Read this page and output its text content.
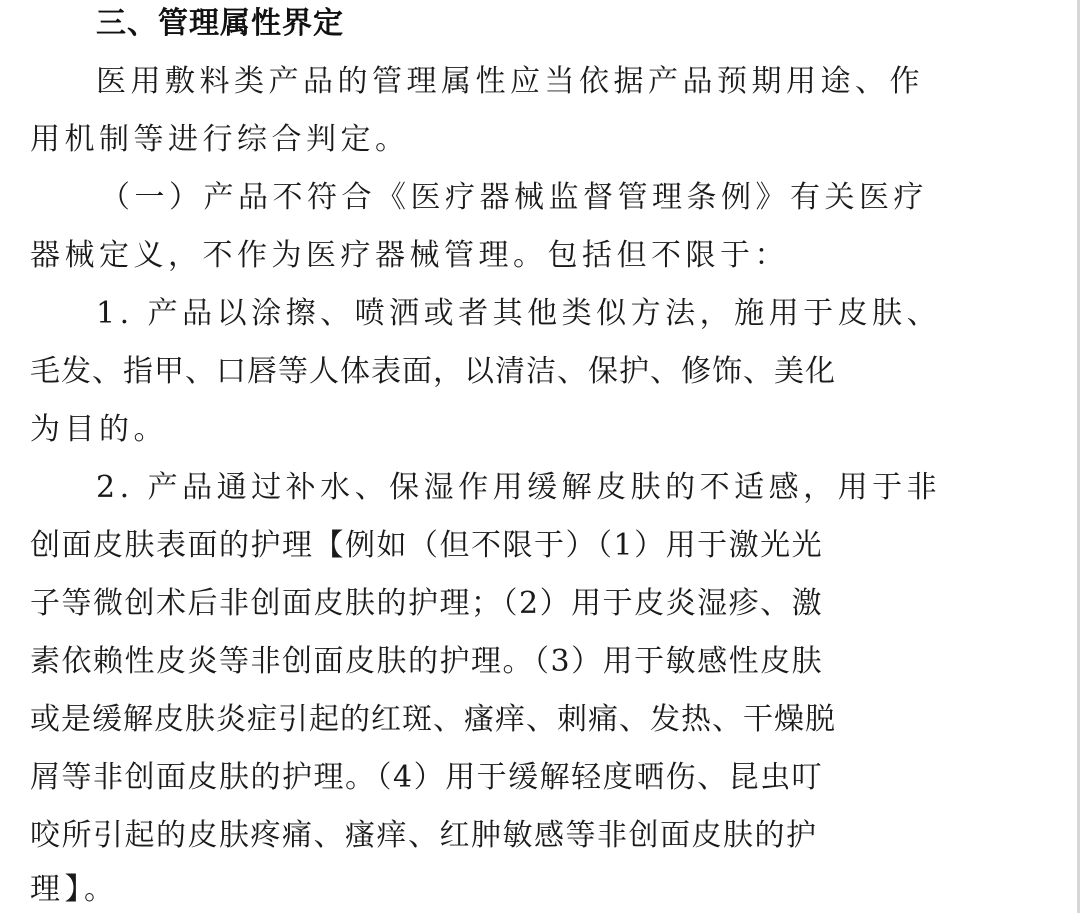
三、管理属性界定
医用敷料类产品的管理属性应当依据产品预期用途、作
用机制等进行综合判定。
（一）产品不符合《医疗器械监督管理条例》有关医疗
器械定义，不作为医疗器械管理。包括但不限于：
1. 产品以涂擦、喷洒或者其他类似方法，施用于皮肤、
毛发、指甲、口唇等人体表面，以清洁、保护、修饰、美化
为目的。
2. 产品通过补水、保湿作用缓解皮肤的不适感，用于非
创面皮肤表面的护理【例如（但不限于）（1）用于激光光
子等微创术后非创面皮肤的护理；（2）用于皮炎湿疹、激
素依赖性皮炎等非创面皮肤的护理。（3）用于敏感性皮肤
或是缓解皮肤炎症引起的红斑、瘙痒、刺痛、发热、干燥脱
屑等非创面皮肤的护理。（4）用于缓解轻度晒伤、昆虫叮
咬所引起的皮肤疼痛、瘙痒、红肿敏感等非创面皮肤的护
理】。
